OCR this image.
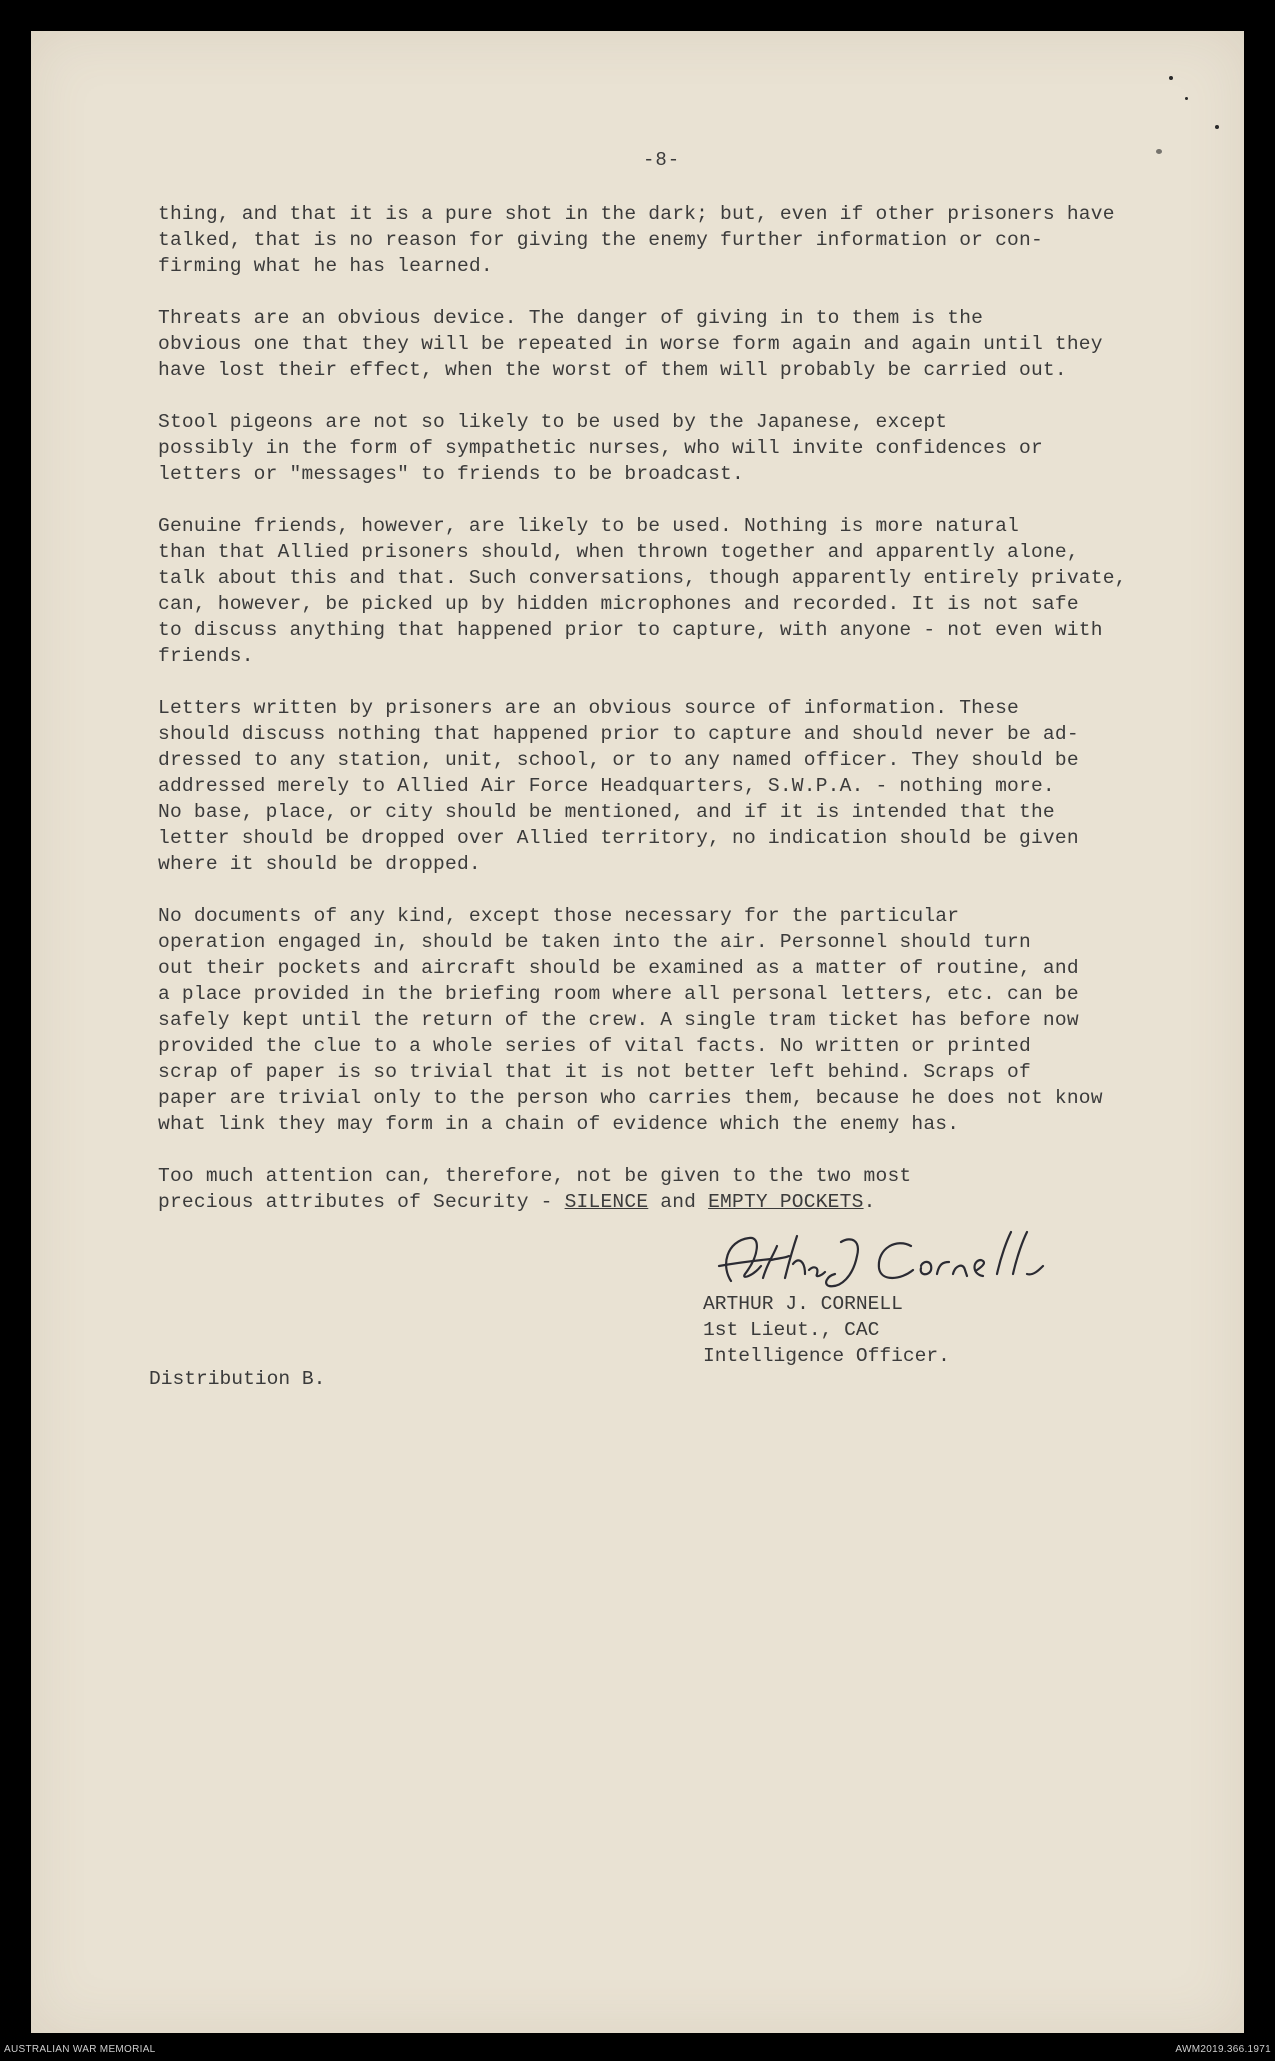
-8-

thing, and that it is a pure shot in the dark; but, even if other prisoners have
talked, that is no reason for giving the enemy further information or con-
firming what he has learned.

Threats are an obvious device. The danger of giving in to them is the
obvious one that they will be repeated in worse form again and again until they
have lost their effect, when the worst of them will probably be carried out.

Stool pigeons are not so likely to be used by the Japanese, except
possibly in the form of sympathetic nurses, who will invite confidences or
letters or "messages" to friends to be broadcast.

Genuine friends, however, are likely to be used. Nothing is more natural
than that Allied prisoners should, when thrown together and apparently alone,
talk about this and that. Such conversations, though apparently entirely private,
can, however, be picked up by hidden microphones and recorded. It is not safe
to discuss anything that happened prior to capture, with anyone - not even with
friends.

Letters written by prisoners are an obvious source of information. These
should discuss nothing that happened prior to capture and should never be ad-
dressed to any station, unit, school, or to any named officer. They should be
addressed merely to Allied Air Force Headquarters, S.W.P.A. - nothing more.
No base, place, or city should be mentioned, and if it is intended that the
letter should be dropped over Allied territory, no indication should be given
where it should be dropped.

No documents of any kind, except those necessary for the particular
operation engaged in, should be taken into the air. Personnel should turn
out their pockets and aircraft should be examined as a matter of routine, and
a place provided in the briefing room where all personal letters, etc. can be
safely kept until the return of the crew. A single tram ticket has before now
provided the clue to a whole series of vital facts. No written or printed
scrap of paper is so trivial that it is not better left behind. Scraps of
paper are trivial only to the person who carries them, because he does not know
what link they may form in a chain of evidence which the enemy has.

Too much attention can, therefore, not be given to the two most
precious attributes of Security - SILENCE and EMPTY POCKETS.

ARTHUR J. CORNELL
1st Lieut., CAC
Intelligence Officer.
Distribution B.
AUSTRALIAN WAR MEMORIAL	AWM2019.366.1971
